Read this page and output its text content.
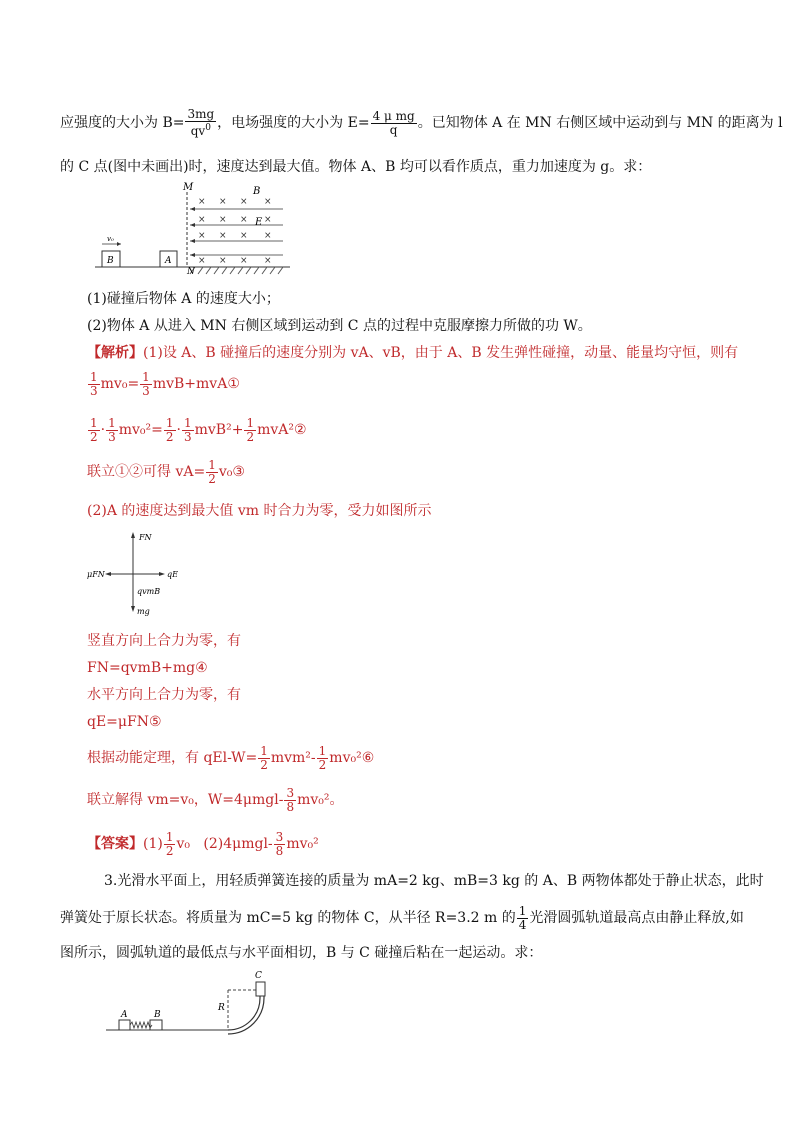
应强度的大小为 $B= \frac{3mg}{qv^0}$ ，电场强度的大小为 $E= \frac{\text{4 μ mg}}{q}$ 。已知物体 A 在 MN 右侧区域中运动到与 MN 的距离为 l
的 C 点(图中未画出)时，速度达到最大值。物体 A、B 均可以看作质点，重力加速度为 g。求：
M
N
× × × ×
× × × ×
× × × ×
× × × ×
B
E
B
v₀
A
(1)碰撞后物体 A 的速度大小；
(2)物体 A 从进入 MN 右侧区域到运动到 C 点的过程中克服摩擦力所做的功 W。
【解析】(1)设 A、B 碰撞后的速度分别为 vA、vB，由于 A、B 发生弹性碰撞，动量、能量均守恒，则有
$\frac{1}{3} mv_0= \frac{1}{3}$ mvB+mvA①
$\frac{1}{2} \cdot \frac{1}{3} mv_0^2= \frac{1}{2} \cdot \frac{1}{3} mvB^2+ \frac{1}{2}$ mvA²②
联立①②可得 $vA= \frac{1}{2}$ v₀③
(2)A 的速度达到最大值 vm 时合力为零，受力如图所示
FN
qE
μFN
qvmB
mg
竖直方向上合力为零，有
FN=qvmB+mg④
水平方向上合力为零，有
qE=μFN⑤
根据动能定理，有 $qEl-W= \frac{1}{2} mvm^2- \frac{1}{2}$ mv₀²⑥
联立解得 vm=v₀，$W=4\mu mgl- \frac{3}{8} mv_0^2$。
【答案】$(1) \frac{1}{2} v_0$ $(2)4\mu mgl- \frac{3}{8} mv_0^2$
3.光滑水平面上，用轻质弹簧连接的质量为 mA=2 kg、mB=3 kg 的 A、B 两物体都处于静止状态，此时
弹簧处于原长状态。将质量为 mC=5 kg 的物体 C，从半径 R=3.2 m 的 $\frac{1}{4}$ 光滑圆弧轨道最高点由静止释放,如
图所示，圆弧轨道的最低点与水平面相切，B 与 C 碰撞后粘在一起运动。求：
C
R
A	B
